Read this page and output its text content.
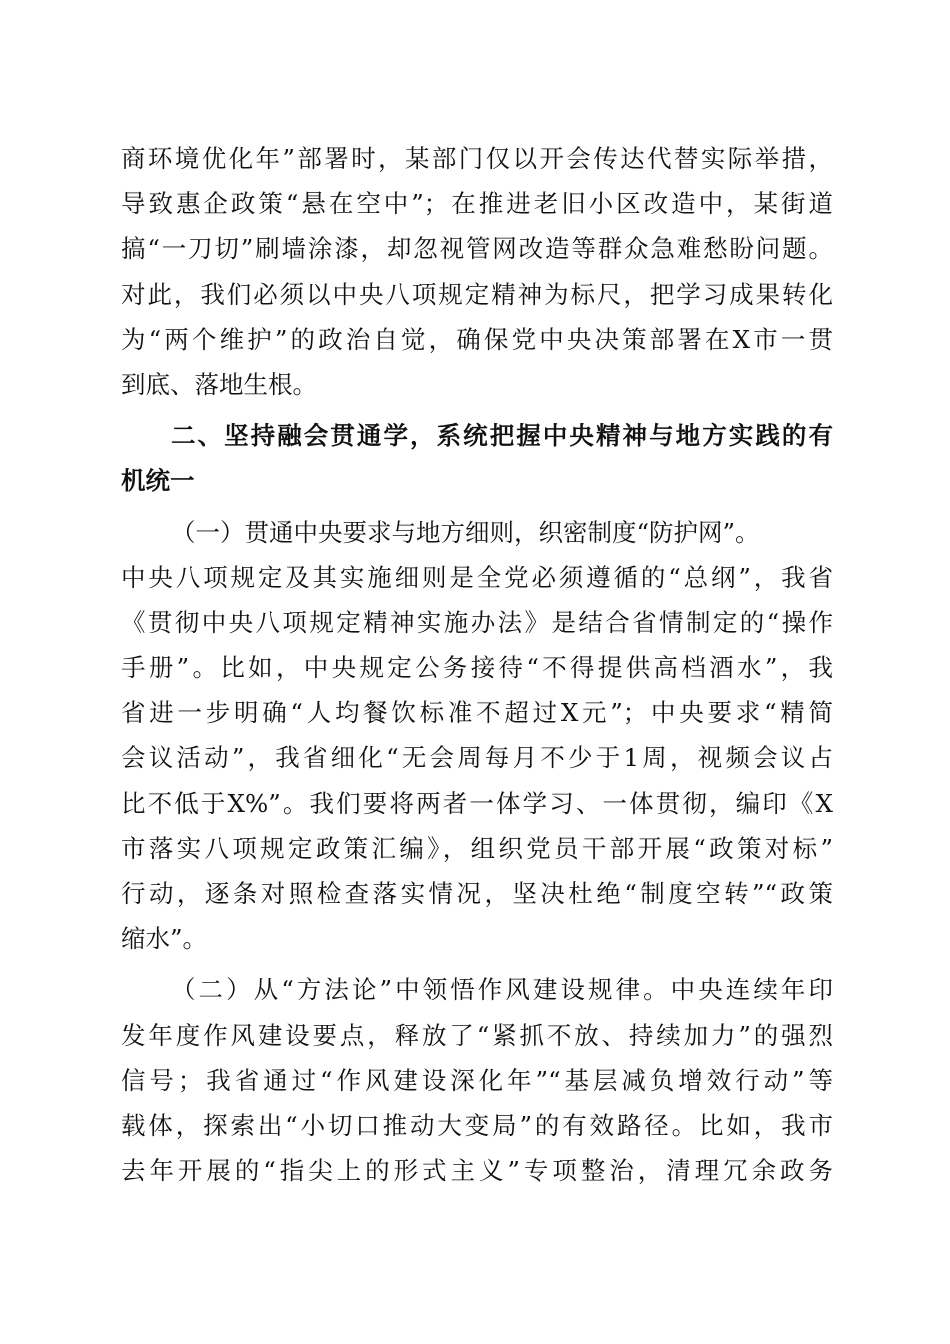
商环境优化年”部署时，某部门仅以开会传达代替实际举措，
导致惠企政策“悬在空中”；在推进老旧小区改造中，某街道
搞“一刀切”刷墙涂漆，却忽视管网改造等群众急难愁盼问题。
对此，我们必须以中央八项规定精神为标尺，把学习成果转化
为“两个维护”的政治自觉，确保党中央决策部署在X市一贯
到底、落地生根。
二、坚持融会贯通学，系统把握中央精神与地方实践的有
机统一
（一）贯通中央要求与地方细则，织密制度“防护网”。
中央八项规定及其实施细则是全党必须遵循的“总纲”，我省
《贯彻中央八项规定精神实施办法》是结合省情制定的“操作
手册”。比如，中央规定公务接待“不得提供高档酒水”，我
省进一步明确“人均餐饮标准不超过X元”；中央要求“精简
会议活动”，我省细化“无会周每月不少于1周，视频会议占
比不低于X%”。我们要将两者一体学习、一体贯彻，编印《X
市落实八项规定政策汇编》，组织党员干部开展“政策对标”
行动，逐条对照检查落实情况，坚决杜绝“制度空转”“政策
缩水”。
（二）从“方法论”中领悟作风建设规律。中央连续年印
发年度作风建设要点，释放了“紧抓不放、持续加力”的强烈
信号；我省通过“作风建设深化年”“基层减负增效行动”等
载体，探索出“小切口推动大变局”的有效路径。比如，我市
去年开展的“指尖上的形式主义”专项整治，清理冗余政务
